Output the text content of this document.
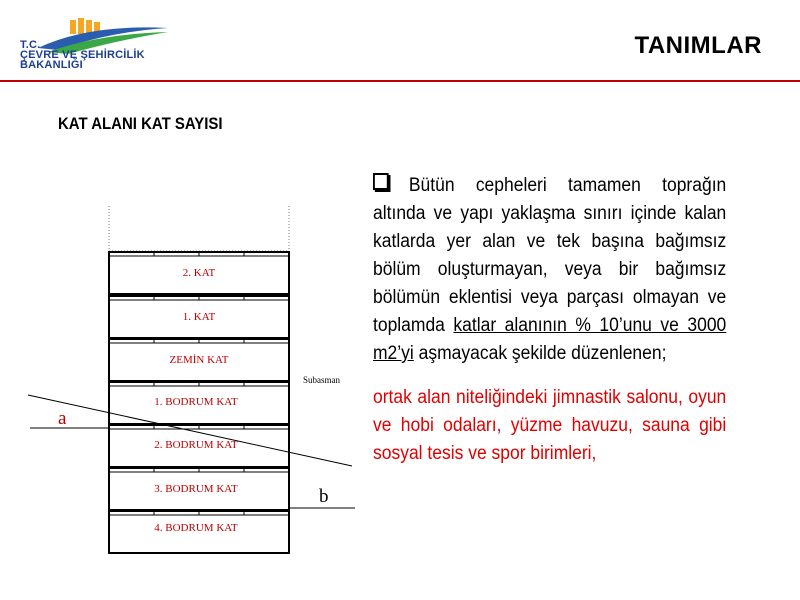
T.C.
ÇEVRE VE ŞEHİRCİLİK
BAKANLIĞI
TANIMLAR
KAT ALANI KAT SAYISI
2. KAT
1. KAT
ZEMİN KAT
1. BODRUM KAT
2. BODRUM KAT
3. BODRUM KAT
4. BODRUM KAT
Subasman
a
b

Bütün cepheleri tamamen toprağın altında ve yapı yaklaşma sınırı içinde kalan katlarda yer alan ve tek başına bağımsız bölüm oluşturmayan, veya bir bağımsız bölümün eklentisi veya parçası olmayan ve toplamda katlar alanının % 10’unu ve 3000 m2’yi aşmayacak şekilde düzenlenen;

ortak alan niteliğindeki jimnastik salonu, oyun ve hobi odaları, yüzme havuzu, sauna gibi sosyal tesis ve spor birimleri,
